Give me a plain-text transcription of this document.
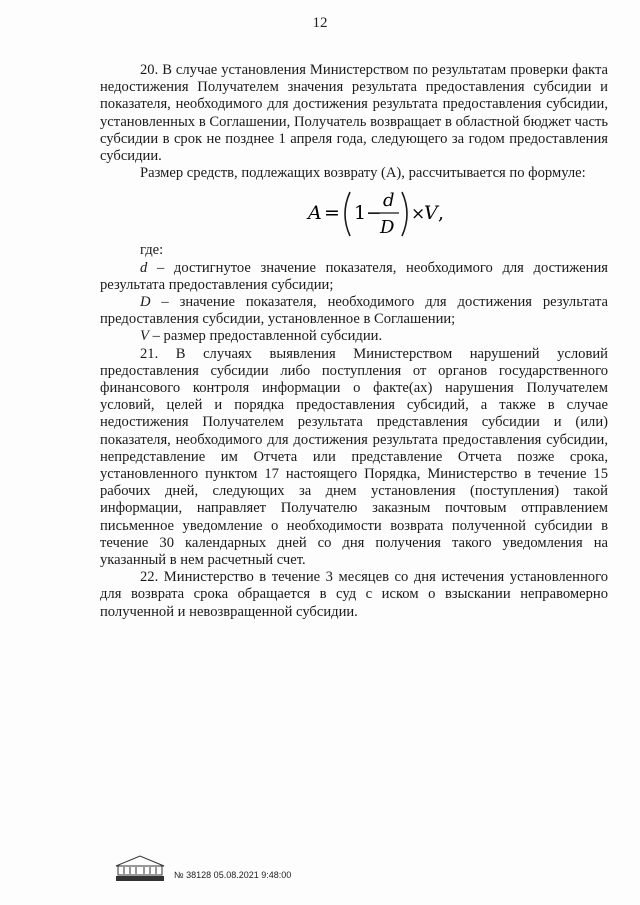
12

20. В случае установления Министерством по результатам проверки факта недостижения Получателем значения результата предоставления субсидии и показателя, необходимого для достижения результата предоставления субсидии, установленных в Соглашении, Получатель возвращает в областной бюджет часть субсидии в срок не позднее 1 апреля года, следующего за годом предоставления субсидии.

Размер средств, подлежащих возврату (A), рассчитывается по формуле:

A = 1 −
d
D
×
V ,

где:

d – достигнутое значение показателя, необходимого для достижения результата предоставления субсидии;

D – значение показателя, необходимого для достижения результата предоставления субсидии, установленное в Соглашении;

V – размер предоставленной субсидии.

21. В случаях выявления Министерством нарушений условий предоставления субсидии либо поступления от органов государственного финансового контроля информации о факте(ах) нарушения Получателем условий, целей и порядка предоставления субсидий, а также в случае недостижения Получателем результата представления субсидии и (или) показателя, необходимого для достижения результата предоставления субсидии, непредставление им Отчета или представление Отчета позже срока, установленного пунктом 17 настоящего Порядка, Министерство в течение 15 рабочих дней, следующих за днем установления (поступления) такой информации, направляет Получателю заказным почтовым отправлением письменное уведомление о необходимости возврата полученной субсидии в течение 30 календарных дней со дня получения такого уведомления на указанный в нем расчетный счет.

22. Министерство в течение 3 месяцев со дня истечения установленного для возврата срока обращается в суд с иском о взыскании неправомерно полученной и невозвращенной субсидии.

№ 38128 05.08.2021 9:48:00
